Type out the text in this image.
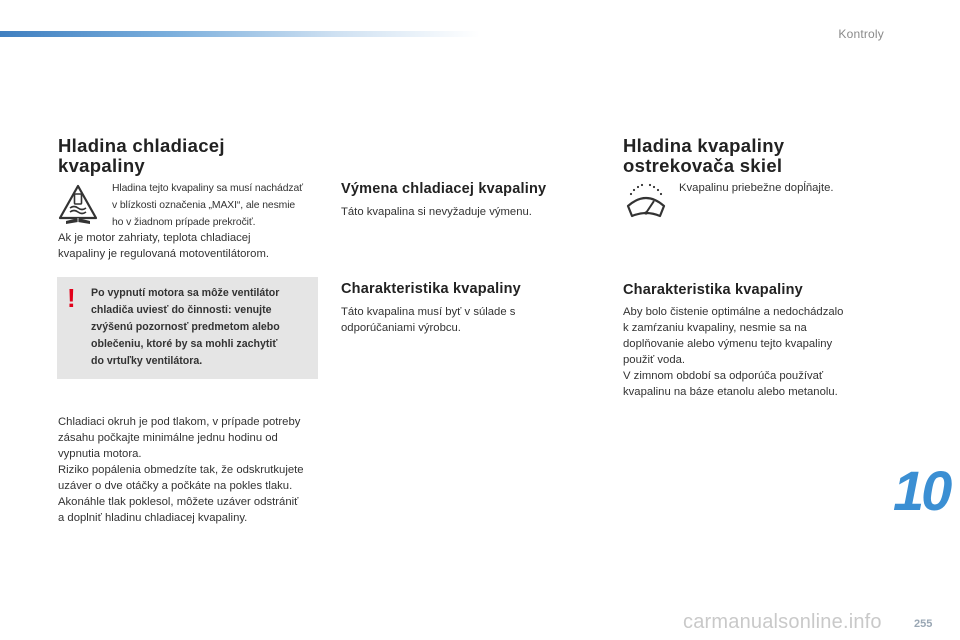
Kontroly
Hladina chladiacej
kvapaliny

Hladina tejto kvapaliny sa musí nachádzať
v blízkosti označenia „MAXI“, ale nesmie
ho v žiadnom prípade prekročiť.

Ak je motor zahriaty, teplota chladiacej
kvapaliny je regulovaná motoventilátorom.

! Po vypnutí motora sa môže ventilátor
chladiča uviesť do činnosti: venujte
zvýšenú pozornosť predmetom alebo
oblečeniu, ktoré by sa mohli zachytiť
do vrtuľky ventilátora.

Chladiaci okruh je pod tlakom, v prípade potreby
zásahu počkajte minimálne jednu hodinu od
vypnutia motora.
Riziko popálenia obmedzíte tak, že odskrutkujete
uzáver o dve otáčky a počkáte na pokles tlaku.
Akonáhle tlak poklesol, môžete uzáver odstrániť
a doplniť hladinu chladiacej kvapaliny.

Výmena chladiacej kvapaliny

Táto kvapalina si nevyžaduje výmenu.

Charakteristika kvapaliny

Táto kvapalina musí byť v súlade s
odporúčaniami výrobcu.

Hladina kvapaliny
ostrekovača skiel

Kvapalinu priebežne dopĺňajte.

Charakteristika kvapaliny

Aby bolo čistenie optimálne a nedochádzalo
k zamŕzaniu kvapaliny, nesmie sa na
doplňovanie alebo výmenu tejto kvapaliny
použiť voda.
V zimnom období sa odporúča používať
kvapalinu na báze etanolu alebo metanolu.

10
255
carmanualsonline.info
